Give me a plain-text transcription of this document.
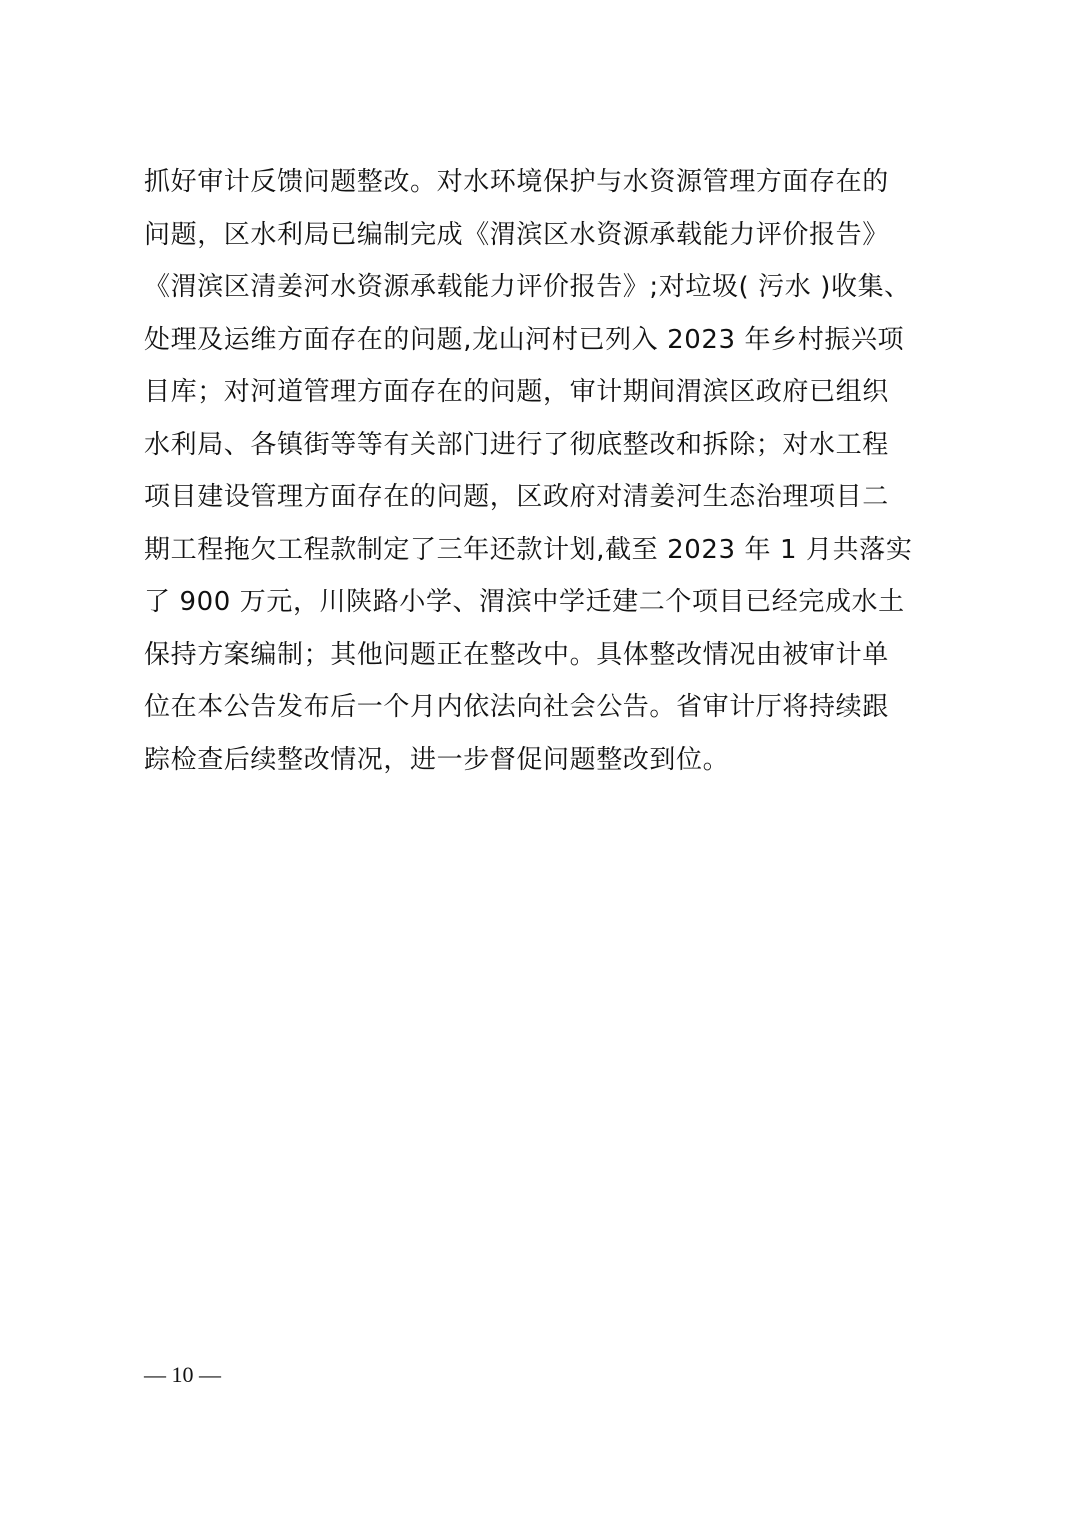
抓好审计反馈问题整改。对水环境保护与水资源管理方面存在的
问题，区水利局已编制完成《渭滨区水资源承载能力评价报告》
《渭滨区清姜河水资源承载能力评价报告》;对垃圾( 污水 )收集、
处理及运维方面存在的问题,龙山河村已列入 2023 年乡村振兴项
目库；对河道管理方面存在的问题，审计期间渭滨区政府已组织
水利局、各镇街等等有关部门进行了彻底整改和拆除；对水工程
项目建设管理方面存在的问题，区政府对清姜河生态治理项目二
期工程拖欠工程款制定了三年还款计划,截至 2023 年 1 月共落实
了 900 万元，川陕路小学、渭滨中学迁建二个项目已经完成水土
保持方案编制；其他问题正在整改中。具体整改情况由被审计单
位在本公告发布后一个月内依法向社会公告。省审计厅将持续跟
踪检查后续整改情况，进一步督促问题整改到位。
— 10 —
